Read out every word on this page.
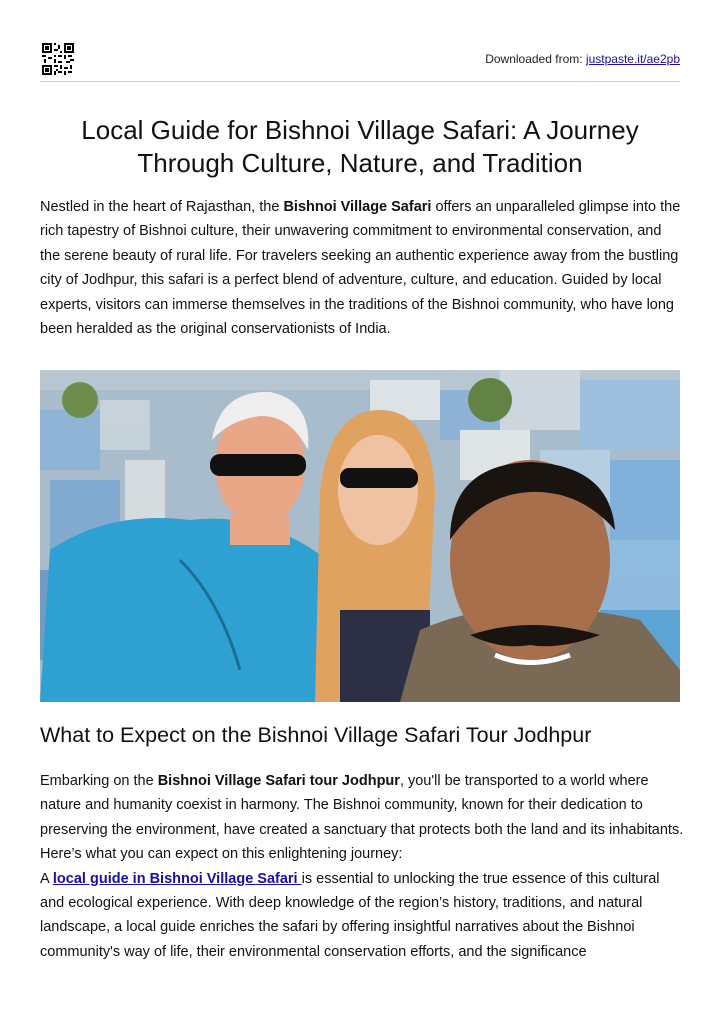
Downloaded from: justpaste.it/ae2pb
Local Guide for Bishnoi Village Safari: A Journey Through Culture, Nature, and Tradition

Nestled in the heart of Rajasthan, the Bishnoi Village Safari offers an unparalleled glimpse into the rich tapestry of Bishnoi culture, their unwavering commitment to environmental conservation, and the serene beauty of rural life. For travelers seeking an authentic experience away from the bustling city of Jodhpur, this safari is a perfect blend of adventure, culture, and education. Guided by local experts, visitors can immerse themselves in the traditions of the Bishnoi community, who have long been heralded as the original conservationists of India.

What to Expect on the Bishnoi Village Safari Tour Jodhpur

Embarking on the Bishnoi Village Safari tour Jodhpur, you'll be transported to a world where nature and humanity coexist in harmony. The Bishnoi community, known for their dedication to preserving the environment, have created a sanctuary that protects both the land and its inhabitants. Here’s what you can expect on this enlightening journey:
A local guide in Bishnoi Village Safari is essential to unlocking the true essence of this cultural and ecological experience. With deep knowledge of the region’s history, traditions, and natural landscape, a local guide enriches the safari by offering insightful narratives about the Bishnoi community's way of life, their environmental conservation efforts, and the significance
